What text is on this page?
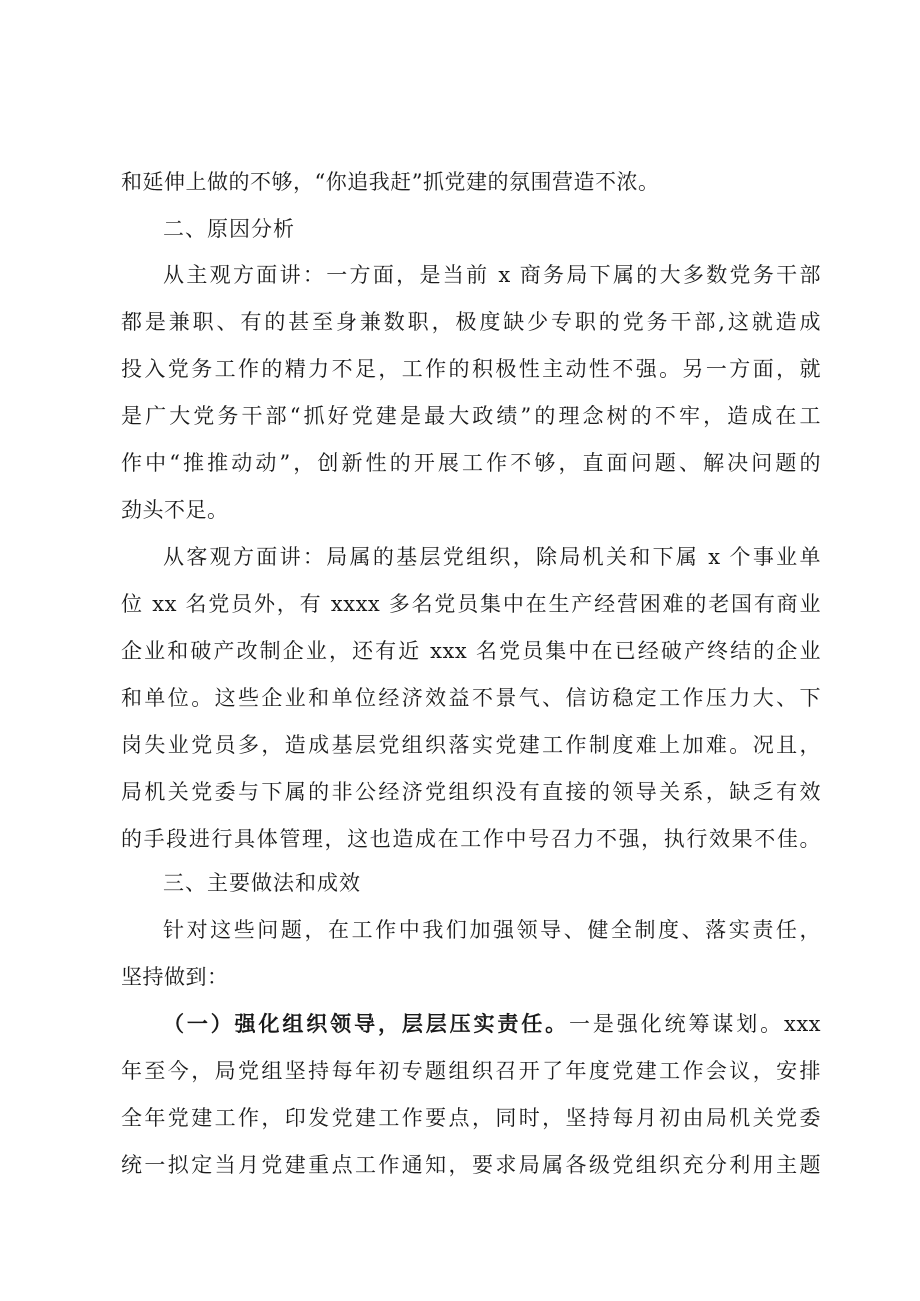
和延伸上做的不够，“你追我赶”抓党建的氛围营造不浓。
二、原因分析
从主观方面讲：一方面，是当前 x 商务局下属的大多数党务干部
都是兼职、有的甚至身兼数职，极度缺少专职的党务干部,这就造成
投入党务工作的精力不足，工作的积极性主动性不强。另一方面，就
是广大党务干部“抓好党建是最大政绩”的理念树的不牢，造成在工
作中“推推动动”，创新性的开展工作不够，直面问题、解决问题的
劲头不足。
从客观方面讲：局属的基层党组织，除局机关和下属 x 个事业单
位 xx 名党员外，有 xxxx 多名党员集中在生产经营困难的老国有商业
企业和破产改制企业，还有近 xxx 名党员集中在已经破产终结的企业
和单位。这些企业和单位经济效益不景气、信访稳定工作压力大、下
岗失业党员多，造成基层党组织落实党建工作制度难上加难。况且，
局机关党委与下属的非公经济党组织没有直接的领导关系，缺乏有效
的手段进行具体管理，这也造成在工作中号召力不强，执行效果不佳。
三、主要做法和成效
针对这些问题，在工作中我们加强领导、健全制度、落实责任，
坚持做到：
（一）强化组织领导，层层压实责任。一是强化统筹谋划。xxx
年至今，局党组坚持每年初专题组织召开了年度党建工作会议，安排
全年党建工作，印发党建工作要点，同时，坚持每月初由局机关党委
统一拟定当月党建重点工作通知，要求局属各级党组织充分利用主题
